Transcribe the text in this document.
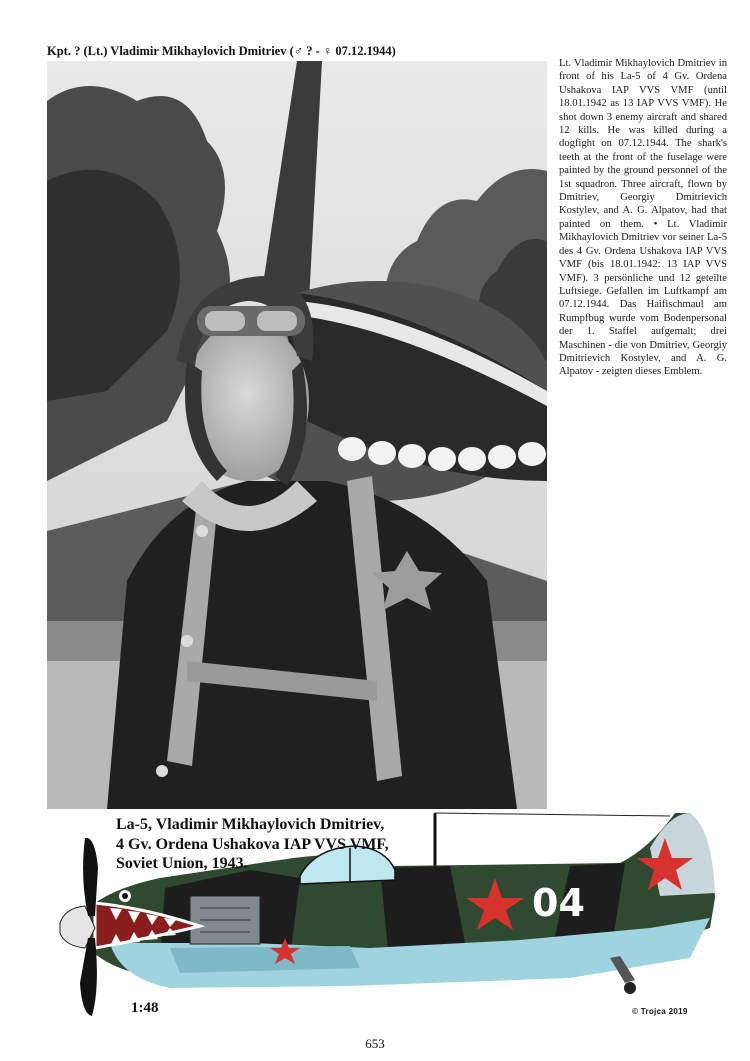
Kpt. ? (Lt.) Vladimir Mikhaylovich Dmitriev (♂ ? - ♀ 07.12.1944)
Lt. Vladimir Mikhaylovich Dmitriev in front of his La-5 of 4 Gv. Ordena Ushakova IAP VVS VMF (until 18.01.1942 as 13 IAP VVS VMF). He shot down 3 enemy aircraft and shared 12 kills. He was killed during a dogfight on 07.12.1944. The shark's teeth at the front of the fuselage were painted by the ground personnel of the 1st squadron. Three aircraft, flown by Dmitriev, Georgiy Dmitrievich Kostylev, and A. G. Alpatov, had that painted on them. • Lt. Vladimir Mikhaylovich Dmitriev vor seiner La-5 des 4 Gv. Ordena Ushakova IAP VVS VMF (bis 18.01.1942: 13 IAP VVS VMF). 3 persönliche und 12 geteilte Luftsiege. Gefallen im Luftkampf am 07.12.1944. Das Haifischmaul am Rumpfbug wurde vom Bodenpersonal der 1. Staffel aufgemalt; drei Maschinen - die von Dmitriev, Georgiy Dmitrievich Kostylev, and A. G. Alpatov - zeigten dieses Emblem.
04
La-5, Vladimir Mikhaylovich Dmitriev,
4 Gv. Ordena Ushakova IAP VVS VMF,
Soviet Union, 1943.
1:48	© Trojca 2019
653
